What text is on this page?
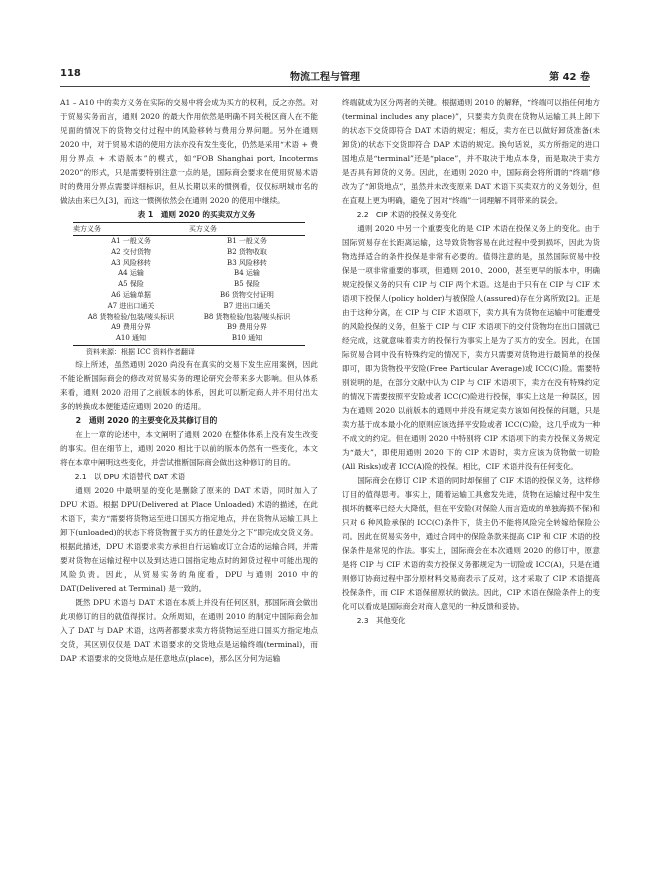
118	物流工程与管理	第 42 卷

A1 – A10 中的卖方义务在实际的交易中将会成为买方的权利，反之亦然。对于贸易实务而言，通则 2020 的最大作用依然是明确不同关税区商人在不能见面的情况下的货物交付过程中的风险移转与费用分界问题。另外在通则 2020 中，对于贸易术语的使用方法亦没有发生变化，仍然是采用“术语 + 费用分界点 + 术语版本”的模式，如“FOB Shanghai port, Incoterms 2020”的形式，只是需要特别注意一点的是，国际商会要求在使用贸易术语时的费用分界点需要详细标识，但从长期以来的惯例看，仅仅标明城市名的做法由来已久[3]，而这一惯例依然会在通则 2020 的使用中继续。

表 1　通则 2020 的买卖双方义务

卖方义务	买方义务
A1 一般义务	B1 一般义务
A2 交付货物	B2 货物收取
A3 风险移转	B3 风险移转
A4 运输	B4 运输
A5 保险	B5 保险
A6 运输单据	B6 货物交付证明
A7 进出口通关	B7 进出口通关
A8 货物检验/包装/唛头标识	B8 货物检验/包装/唛头标识
A9 费用分界	B9 费用分界
A10 通知	B10 通知

资料来源：根据 ICC 资料作者翻译

综上所述，虽然通则 2020 尚没有在真实的交易下发生应用案例，因此不能论断国际商会的修改对贸易实务的理论研究会带来多大影响。但从体系来看，通则 2020 沿用了之前版本的体系，因此可以断定商人并不用付出太多的转换成本便能适应通则 2020 的适用。

2　通则 2020 的主要变化及其修订目的

在上一章的论述中，本文阐明了通则 2020 在整体体系上没有发生改变的事实。但在细节上，通则 2020 相比于以前的版本仍然有一些变化，本文将在本章中阐明这些变化，并尝试推断国际商会做出这种修订的目的。

2.1　以 DPU 术语替代 DAT 术语

通则 2020 中最明显的变化是删除了原来的 DAT 术语，同时加入了 DPU 术语。根据 DPU(Delivered at Place Unloaded) 术语的描述，在此术语下，卖方“需要将货物运至进口国买方指定地点，并在货物从运输工具上卸下(unloaded)的状态下将货物置于买方的任意处分之下”即完成交货义务。根据此描述，DPU 术语要求卖方承担自行运输或订立合适的运输合同，并需要对货物在运输过程中以及到达进口国指定地点时的卸货过程中可能出现的风险负责。因此，从贸易实务的角度看，DPU 与通则 2010 中的 DAT(Delivered at Terminal) 是一致的。

既然 DPU 术语与 DAT 术语在本质上并没有任何区别，那国际商会做出此项修订的目的就值得探讨。众所周知，在通则 2010 的制定中国际商会加入了 DAT 与 DAP 术语，这两者都要求卖方将货物运至进口国买方指定地点交货，其区别仅仅是 DAT 术语要求的交货地点是运输终端(terminal)，而 DAP 术语要求的交货地点是任意地点(place)，那么区分何为运输

终端就成为区分两者的关键。根据通则 2010 的解释，“终端可以指任何地方(terminal includes any place)”，只要卖方负责在货物从运输工具上卸下的状态下交货即符合 DAT 术语的规定；相反，卖方在已以做好卸货准备(未卸货)的状态下交货即符合 DAP 术语的规定。换句话说，买方所指定的进口国地点是“terminal”还是“place”，并不取决于地点本身，而是取决于卖方是否具有卸货的义务。因此，在通则 2020 中，国际商会将所谓的“终端”修改为了“卸货地点”，虽然并未改变原来 DAT 术语下买卖双方的义务划分，但在直观上更为明确，避免了因对“终端”一词理解不同带来的误会。

2.2　CIP 术语的投保义务变化

通则 2020 中另一个重要变化的是 CIP 术语在投保义务上的变化。由于国际贸易存在长距离运输，这导致货物容易在此过程中受到损坏，因此为货物选择适合的条件投保是非常有必要的。值得注意的是，虽然国际贸易中投保是一项非常重要的事项，但通则 2010、2000，甚至更早的版本中，明确规定投保义务的只有 CIP 与 CIF 两个术语。这是由于只有在 CIP 与 CIF 术语项下投保人(policy holder)与被保险人(assured)存在分离所致[2]。正是由于这种分离，在 CIP 与 CIF 术语项下，卖方具有为货物在运输中可能遭受的风险投保的义务，但鉴于 CIP 与 CIF 术语项下的交付货物均在出口国就已经完成，这就意味着卖方的投保行为事实上是为了买方的安全。因此，在国际贸易合同中没有特殊约定的情况下，卖方只需要对货物进行最简单的投保即可，即为货物投平安险(Free Particular Average)或 ICC(C)险。需要特别说明的是，在部分文献中认为 CIP 与 CIF 术语项下，卖方在没有特殊约定的情况下需要按照平安险或者 ICC(C)险进行投保，事实上这是一种误区，因为在通则 2020 以前版本的通则中并没有规定卖方该如何投保的问题，只是卖方基于成本最小化的原则应该选择平安险或者 ICC(C)险，这几乎成为一种不成文的约定。但在通则 2020 中特别将 CIP 术语项下的卖方投保义务规定为“最大”，即使用通则 2020 下的 CIP 术语时，卖方应该为货物做一切险(All Risks)或者 ICC(A)险的投保。相比，CIF 术语并没有任何变化。

国际商会在修订 CIP 术语的同时却保留了 CIF 术语的投保义务，这样修订目的值得思考。事实上，随着运输工具愈发先进，货物在运输过程中发生损坏的概率已经大大降低，但在平安险(对保险人而言造成的单独海损不保)和只对 6 种风险承保的 ICC(C)条件下，货主仍不能将风险完全转嫁给保险公司。因此在贸易实务中，通过合同中的保险条款来提高 CIP 和 CIF 术语的投保条件是常见的作法。事实上，国际商会在本次通则 2020 的修订中，原意是将 CIP 与 CIF 术语的卖方投保义务都规定为一切险或 ICC(A)，只是在通则修订协商过程中部分原材料交易商表示了反对，这才采取了 CIP 术语提高投保条件，而 CIF 术语保留原状的做法。因此，CIP 术语在保险条件上的变化可以看成是国际商会对商人意见的一种反馈和妥协。

2.3　其他变化
